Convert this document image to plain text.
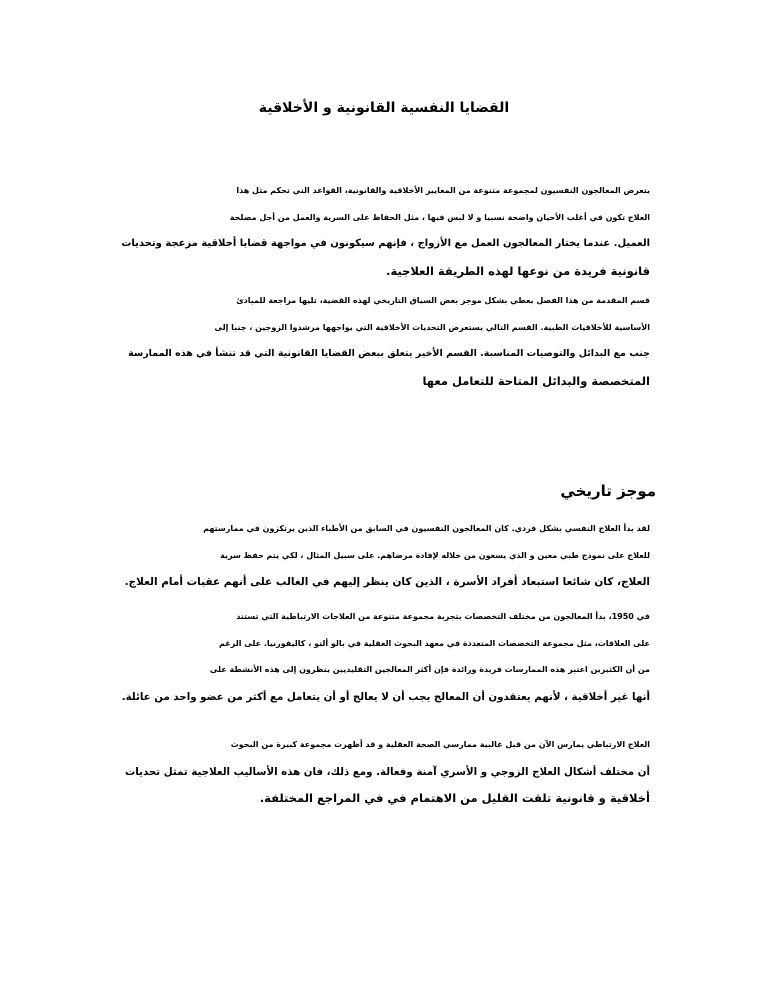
القضايا النفسية القانونية و الأخلاقية
يتعرض المعالجون النفسيون لمجموعة متنوعة من المعايير الأخلاقية والقانونية، القواعد التي تحكم مثل هذا
العلاج تكون في أغلب الأحيان واضحة نسبيا و لا لبس فيها ، مثل الحفاظ على السرية والعمل من أجل مصلحة
العميل. عندما يختار المعالجون العمل مع الأزواج ، فإنهم سيكونون في مواجهة قضايا أخلاقية مزعجة وتحديات
قانونية فريدة من نوعها لهذه الطريقة العلاجية.
قسم المقدمة من هذا الفصل يعطي بشكل موجز بعض السياق التاريخي لهذه القضية، تليها مراجعة للمبادئ
الأساسية للأخلاقيات الطبية. القسم التالي يستعرض التحديات الأخلاقية التي يواجهها مرشدوا الزوجين ، جنبا إلى
جنب مع البدائل والتوصيات المناسبة. القسم الأخير يتعلق ببعض القضايا القانونية التي قد تنشأ في هذه الممارسة
المتخصصة والبدائل المتاحة للتعامل معها
موجز تاريخي
لقد بدأ العلاج النفسي بشكل فردي. كان المعالجون النفسيون في السابق من الأطباء الذين يرتكزون في ممارستهم
للعلاج على نموذج طبي معين و الذي يسعون من خلاله لإفادة مرضاهم. على سبيل المثال ، لكي يتم حفظ سرية
العلاج، كان شائعا استبعاد أفراد الأسرة ، الذين كان ينظر إليهم في الغالب على أنهم عقبات أمام العلاج.
في 1950، بدأ المعالجون من مختلف التخصصات بتجربة مجموعة متنوعة من العلاجات الارتباطية التي تستند
على العلاقات، مثل مجموعة التخصصات المتعددة في معهد البحوث العقلية في بالو ألتو ، كاليفورنيا. على الرغم
من أن الكثيرين اعتبر هذه الممارسات فريدة ورائدة فإن أكثر المعالجين التقليديين ينظرون إلى هذه الأنشطة على
أنها غير أخلاقية ، لأنهم يعتقدون أن المعالج يجب أن لا يعالج أو أن يتعامل مع أكثر من عضو واحد من عائلة.
العلاج الارتباطي يمارس الآن من قبل غالبية ممارسي الصحة العقلية و قد أظهرت مجموعة كبيرة من البحوث
أن مختلف أشكال العلاج الزوجي و الأسري آمنة وفعالة. ومع ذلك، فان هذه الأساليب العلاجية تمثل تحديات
أخلاقية و قانونية تلقت القليل من الاهتمام في في المراجع المختلفة.
